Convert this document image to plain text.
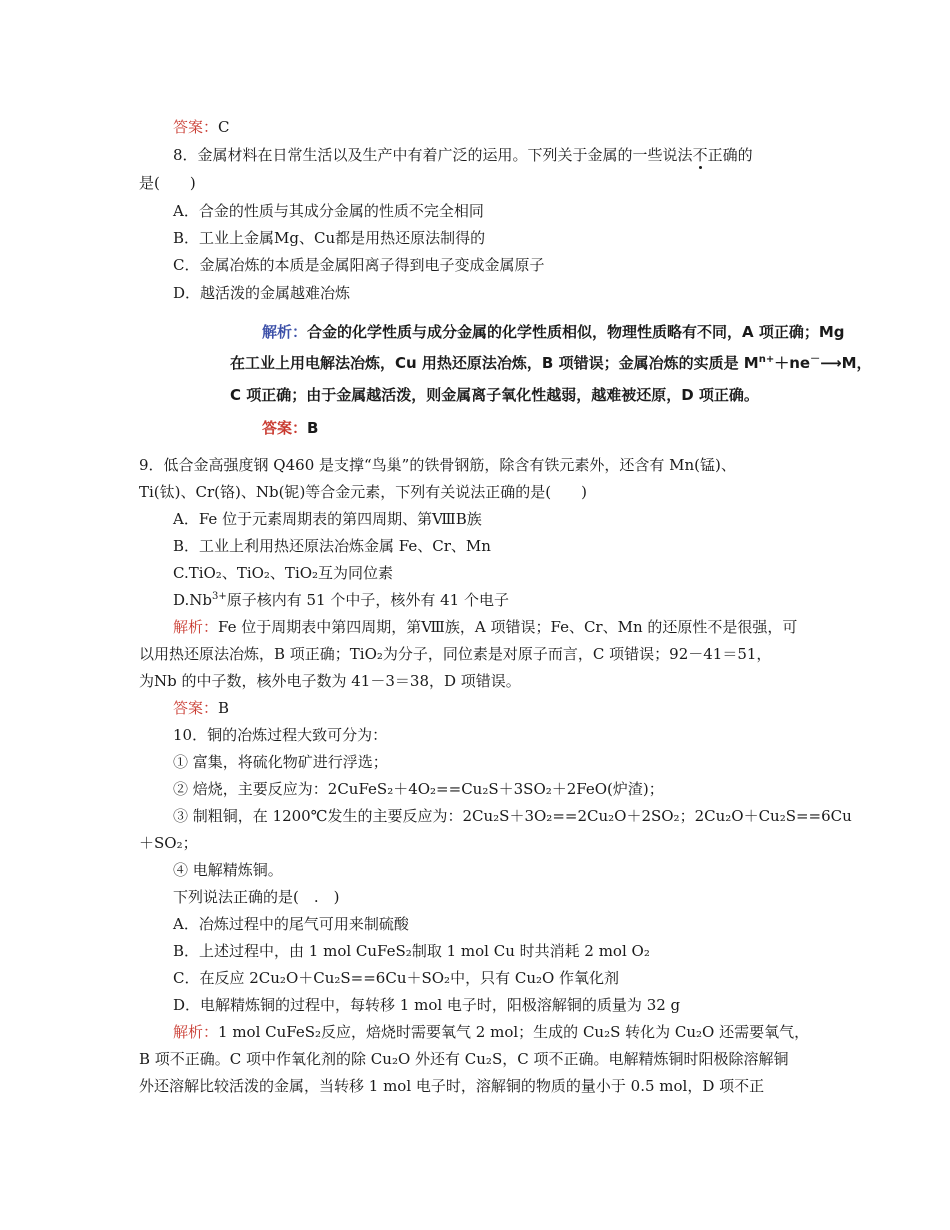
答案：C
8．金属材料在日常生活以及生产中有着广泛的运用。下列关于金属的一些说法不正确的
是(　　)
A．合金的性质与其成分金属的性质不完全相同
B．工业上金属Mg、Cu都是用热还原法制得的
C．金属冶炼的本质是金属阳离子得到电子变成金属原子
D．越活泼的金属越难冶炼
解析：合金的化学性质与成分金属的化学性质相似，物理性质略有不同，A 项正确；Mg
在工业上用电解法冶炼，Cu 用热还原法冶炼，B 项错误；金属冶炼的实质是 $M^{n+}+ne^-⟶M$，
C 项正确；由于金属越活泼，则金属离子氧化性越弱，越难被还原，D 项正确。
答案：B
9．低合金高强度钢 Q460 是支撑“鸟巢”的铁骨钢筋，除含有铁元素外，还含有 Mn(锰)、
Ti(钛)、Cr(铬)、Nb(铌)等合金元素，下列有关说法正确的是(　　)
A．Fe 位于元素周期表的第四周期、第ⅧB族
B．工业上利用热还原法冶炼金属 Fe、Cr、Mn
C.TiO₂、TiO₂、TiO₂互为同位素
$D.Nb^{3+}$原子核内有 51 个中子，核外有 41 个电子
解析：Fe 位于周期表中第四周期，第Ⅷ族，A 项错误；Fe、Cr、Mn 的还原性不是很强，可
以用热还原法冶炼，B 项正确；TiO₂为分子，同位素是对原子而言，C 项错误；92－41＝51，
为Nb 的中子数，核外电子数为 41－3＝38，D 项错误。
答案：B
10．铜的冶炼过程大致可分为：
① 富集，将硫化物矿进行浮选；
② 焙烧，主要反应为：2CuFeS₂＋4O₂==Cu₂S＋3SO₂＋2FeO(炉渣)；
③ 制粗铜，在 1200℃发生的主要反应为：2Cu₂S＋3O₂==2Cu₂O＋2SO₂；2Cu₂O＋Cu₂S==6Cu
＋SO₂；
④ 电解精炼铜。
下列说法正确的是(　.　)
A．冶炼过程中的尾气可用来制硫酸
B．上述过程中，由 1 mol CuFeS₂制取 1 mol Cu 时共消耗 2 mol O₂
C．在反应 2Cu₂O＋Cu₂S==6Cu＋SO₂中，只有 Cu₂O 作氧化剂
D．电解精炼铜的过程中，每转移 1 mol 电子时，阳极溶解铜的质量为 32 g
解析：1 mol CuFeS₂反应，焙烧时需要氧气 2 mol；生成的 Cu₂S 转化为 Cu₂O 还需要氧气，
B 项不正确。C 项中作氧化剂的除 Cu₂O 外还有 Cu₂S，C 项不正确。电解精炼铜时阳极除溶解铜
外还溶解比较活泼的金属，当转移 1 mol 电子时，溶解铜的物质的量小于 0.5 mol，D 项不正
